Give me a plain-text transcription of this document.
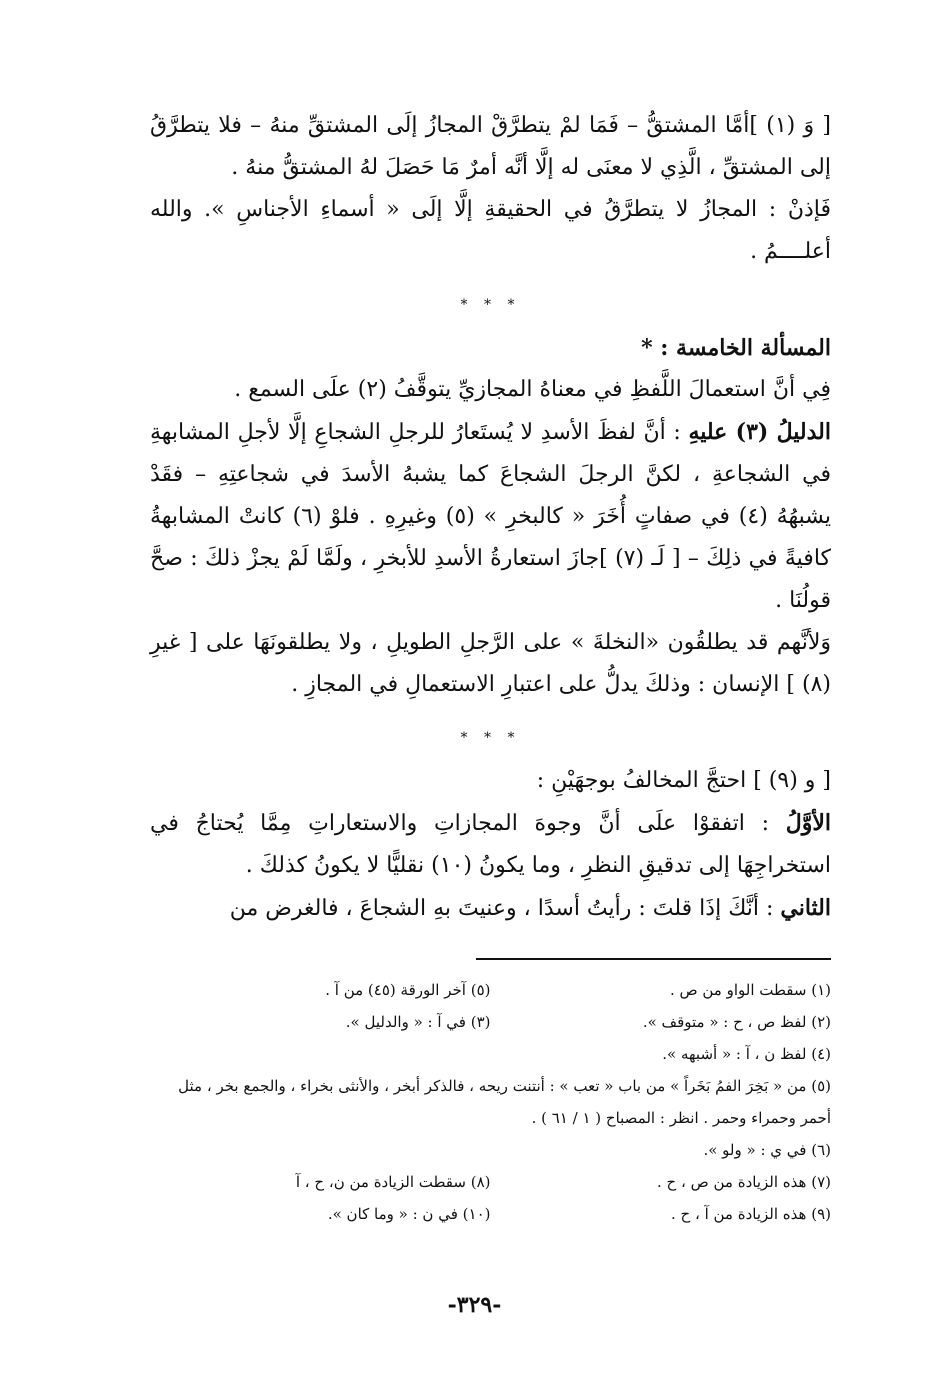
[ وَ (١) ]أمَّا المشتقُّ – فَمَا لمْ يتطرَّقْ المجازُ إلَى المشتقِّ منهُ – فلا يتطرَّقُ إلى المشتقِّ ، الَّذِي لا معنَى له إلَّا أنَّه أمرٌ مَا حَصَلَ لهُ المشتقُّ منهُ .

فَإذنْ : المجازُ لا يتطرَّقُ في الحقيقةِ إلَّا إلَى « أسماءِ الأجناسِ ». والله أعلــــمُ .

* * *

المسألة الخامسة : *

فِي أنَّ استعمالَ اللَّفظِ في معناهُ المجازيِّ يتوقَّفُ (٢) علَى السمع .

الدليلُ (٣) عليهِ : أنَّ لفظَ الأسدِ لا يُستَعارُ للرجلِ الشجاعِ إلَّا لأجلِ المشابهةِ في الشجاعةِ ، لكنَّ الرجلَ الشجاعَ كما يشبهُ الأسدَ في شجاعتِهِ – فقَدْ يشبهُهُ (٤) في صفاتٍ أُخَرَ « كالبخرِ » (٥) وغيرِهِ . فلوْ (٦) كانتْ المشابهةُ كافيةً في ذلِكَ – [ لَـ (٧) ]جازَ استعارةُ الأسدِ للأبخرِ ، ولَمَّا لَمْ يجزْ ذلكَ : صحَّ قولُنَا .

وَلأنَّهم قد يطلقُون «النخلةَ » على الرَّجلِ الطويلِ ، ولا يطلقونَهَا على [ غيرِ (٨) ] الإنسان : وذلكَ يدلُّ على اعتبارِ الاستعمالِ في المجازِ .

* * *

[ و (٩) ] احتجَّ المخالفُ بوجهَيْنِ :

الأوَّلُ : اتفقوْا علَى أنَّ وجوهَ المجازاتِ والاستعاراتِ مِمَّا يُحتاجُ في استخراجِهَا إلى تدقيقِ النظرِ ، وما يكونُ (١٠) نقليًّا لا يكونُ كذلكَ .

الثاني : أنَّكَ إذَا قلتَ : رأيتُ أسدًا ، وعنيتَ بهِ الشجاعَ ، فالغرض من

(١) سقطت الواو من ص .
(٥) آخر الورقة (٤٥) من آ .
(٢) لفظ ص ، ح : « متوقف ».
(٣) في آ : « والدليل ».
(٤) لفظ ن ، آ : « أشبهه ».
(٥) من « بَخِرَ الفمُ بَخَراً » من باب « تعب » : أنتنت ريحه ، فالذكر أبخر ، والأنثى بخراء ، والجمع بخر ، مثل أحمر وحمراء وحمر . انظر : المصباح ( ١ / ٦١ ) .
(٦) في ي : « ولو ».
(٧) هذه الزيادة من ص ، ح .
(٨) سقطت الزيادة من ن، ح ، آ
(٩) هذه الزيادة من آ ، ح .
(١٠) في ن : « وما كان ».
-٣٢٩-
